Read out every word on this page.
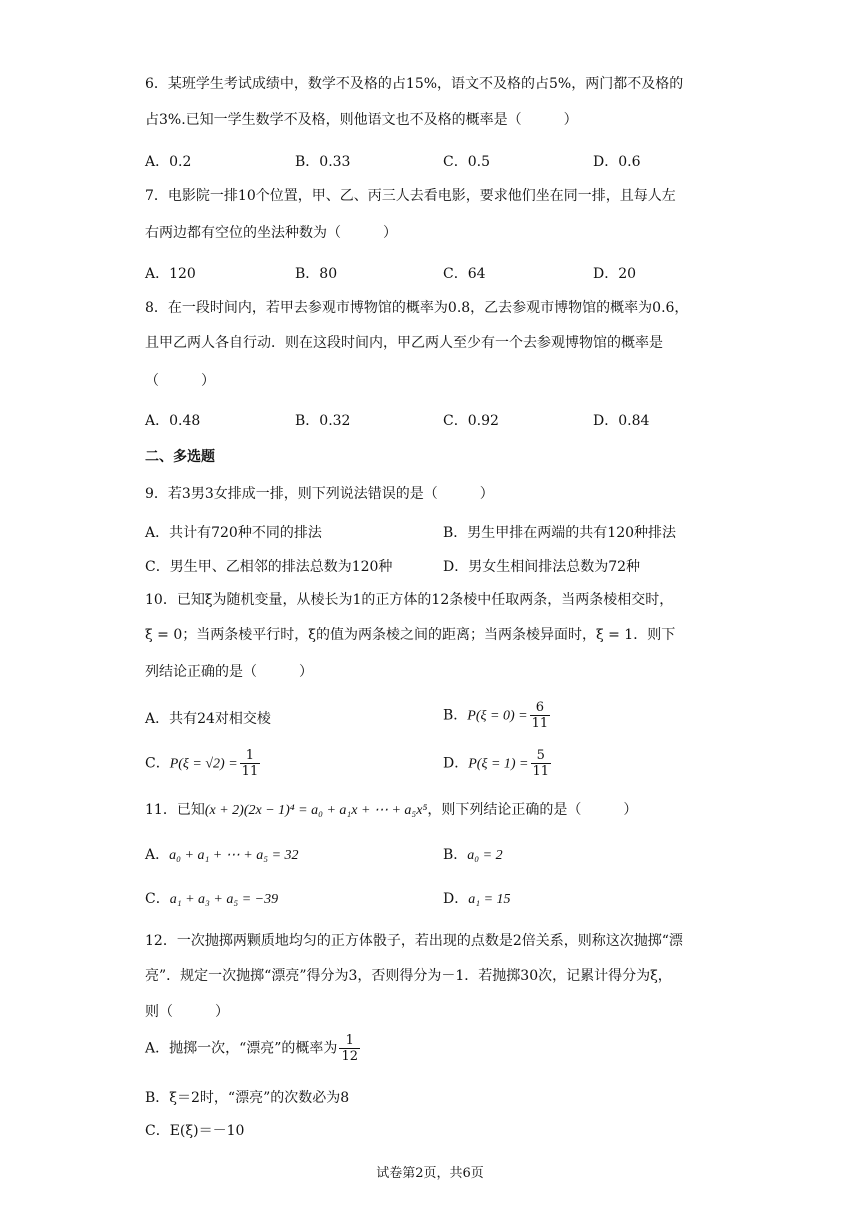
6．某班学生考试成绩中，数学不及格的占15%，语文不及格的占5%，两门都不及格的
占3%.已知一学生数学不及格，则他语文也不及格的概率是（　　　）
A．0.2	B．0.33	C．0.5	D．0.6
7．电影院一排10个位置，甲、乙、丙三人去看电影，要求他们坐在同一排，且每人左
右两边都有空位的坐法种数为（　　　）
A．120	B．80	C．64	D．20
8．在一段时间内，若甲去参观市博物馆的概率为0.8，乙去参观市博物馆的概率为0.6，
且甲乙两人各自行动．则在这段时间内，甲乙两人至少有一个去参观博物馆的概率是
（　　　）
A．0.48	B．0.32	C．0.92	D．0.84
二、多选题
9．若3男3女排成一排，则下列说法错误的是（　　　）
A．共计有720种不同的排法	B．男生甲排在两端的共有120种排法
C．男生甲、乙相邻的排法总数为120种	D．男女生相间排法总数为72种
10．已知ξ为随机变量，从棱长为1的正方体的12条棱中任取两条，当两条棱相交时，
ξ = 0；当两条棱平行时，ξ的值为两条棱之间的距离；当两条棱异面时，ξ = 1．则下
列结论正确的是（　　　）
A．共有24对相交棱	B．$P(\xi = 0) = \frac{6}{11}$
C．$P(\xi = √2) = \frac{1}{11}$	D．$P(\xi = 1) = \frac{5}{11}$
11．已知(x + 2)(2x − 1)⁴ = a₀ + a₁x + ⋯ + a₅x⁵，则下列结论正确的是（　　　）
A．a₀ + a₁ + ⋯ + a₅ = 32	B．a₀ = 2
C．a₁ + a₃ + a₅ = −39	D．a₁ = 15
12．一次抛掷两颗质地均匀的正方体骰子，若出现的点数是2倍关系，则称这次抛掷“漂
亮”．规定一次抛掷“漂亮”得分为3，否则得分为－1．若抛掷30次，记累计得分为ξ，
则（　　　）
A．抛掷一次，“漂亮”的概率为 $\frac{1}{12}$
B．ξ＝2时，“漂亮”的次数必为8
C．E(ξ)＝－10
试卷第2页，共6页
